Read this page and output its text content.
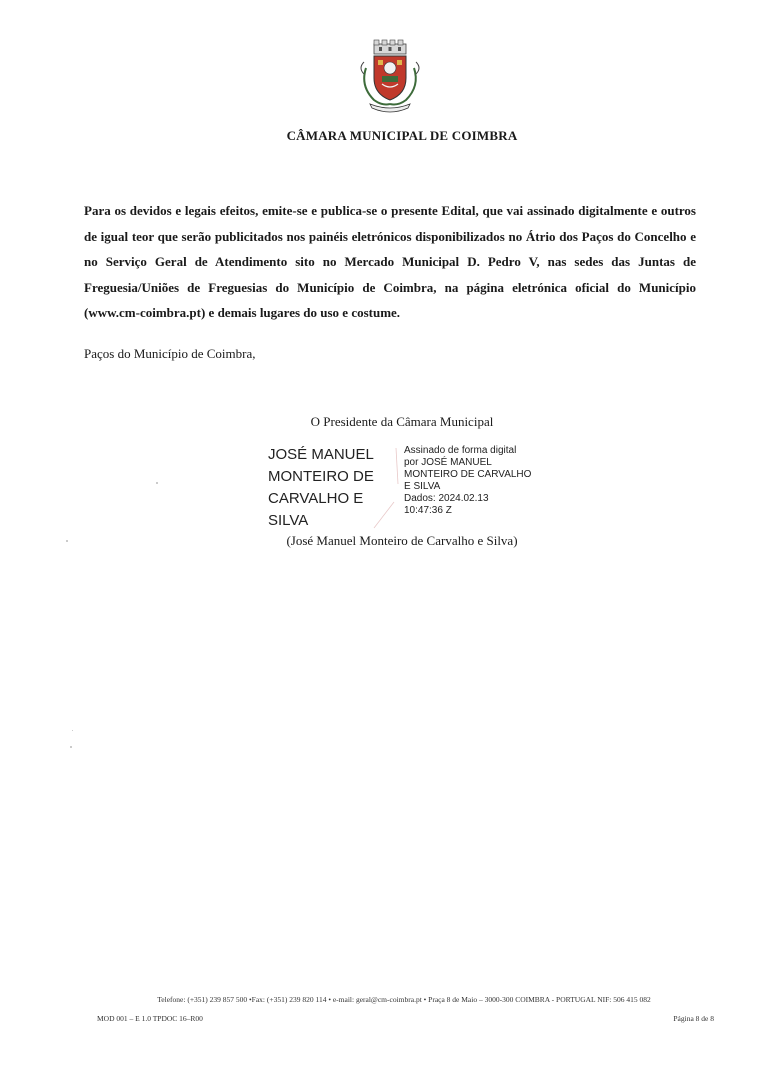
CÂMARA MUNICIPAL DE COIMBRA
Para os devidos e legais efeitos, emite-se e publica-se o presente Edital, que vai assinado digitalmente e outros de igual teor que serão publicitados nos painéis eletrónicos disponibilizados no Átrio dos Paços do Concelho e no Serviço Geral de Atendimento sito no Mercado Municipal D. Pedro V, nas sedes das Juntas de Freguesia/Uniões de Freguesias do Município de Coimbra, na página eletrónica oficial do Município (www.cm-coimbra.pt) e demais lugares do uso e costume.
Paços do Município de Coimbra,
O Presidente da Câmara Municipal
JOSÉ MANUEL
MONTEIRO DE
CARVALHO E
SILVA
Assinado de forma digital
por JOSÉ MANUEL
MONTEIRO DE CARVALHO
E SILVA
Dados: 2024.02.13
10:47:36 Z
(José Manuel Monteiro de Carvalho e Silva)
Telefone: (+351) 239 857 500 •Fax: (+351) 239 820 114 • e-mail: geral@cm-coimbra.pt • Praça 8 de Maio – 3000-300 COIMBRA - PORTUGAL NIF: 506 415 082
MOD 001 – E 1.0 TPDOC 16–R00	Página 8 de 8
